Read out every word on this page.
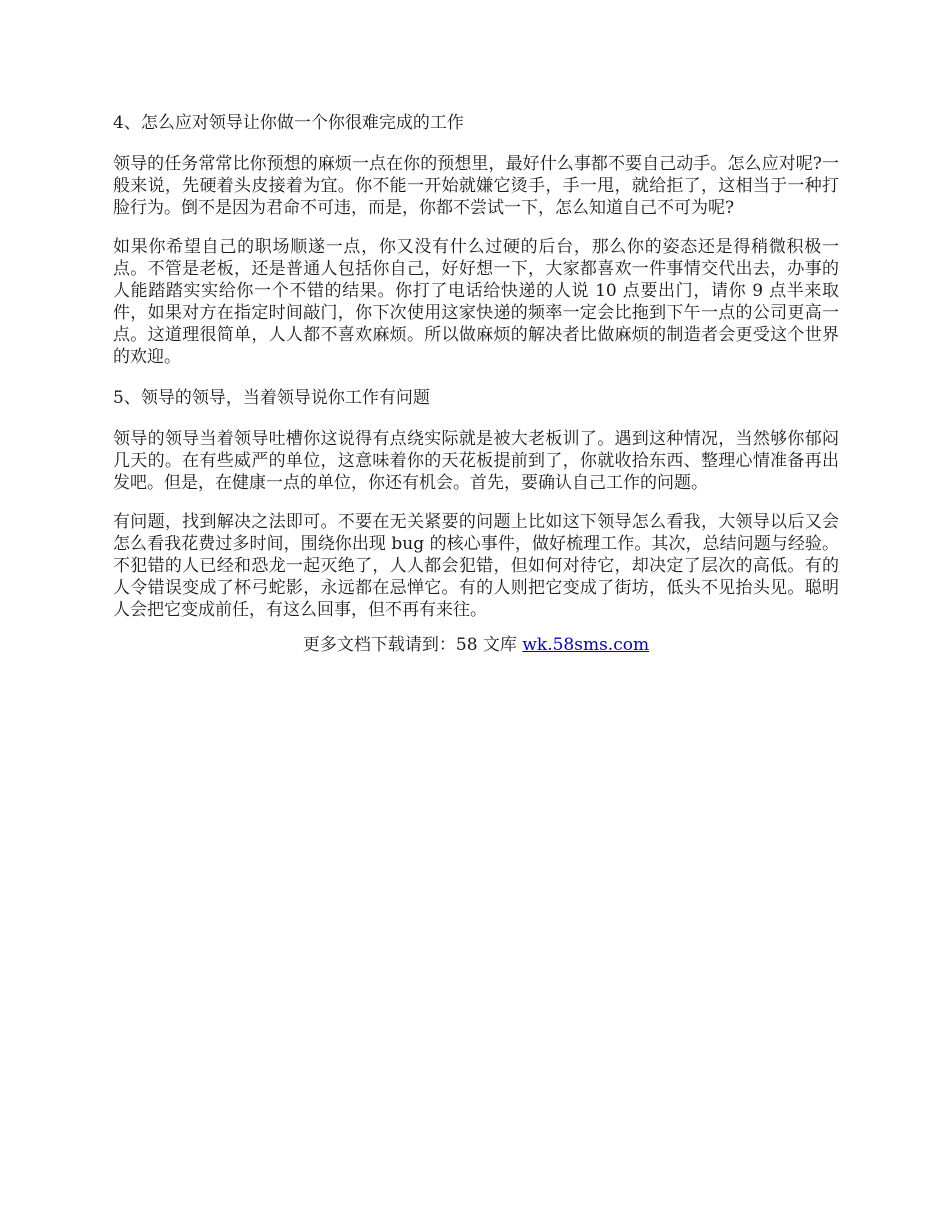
4、怎么应对领导让你做一个你很难完成的工作

领导的任务常常比你预想的麻烦一点在你的预想里，最好什么事都不要自己动手。怎么应对呢?一般来说，先硬着头皮接着为宜。你不能一开始就嫌它烫手，手一甩，就给拒了，这相当于一种打脸行为。倒不是因为君命不可违，而是，你都不尝试一下，怎么知道自己不可为呢?

如果你希望自己的职场顺遂一点，你又没有什么过硬的后台，那么你的姿态还是得稍微积极一点。不管是老板，还是普通人包括你自己，好好想一下，大家都喜欢一件事情交代出去，办事的人能踏踏实实给你一个不错的结果。你打了电话给快递的人说 10 点要出门，请你 9 点半来取件，如果对方在指定时间敲门，你下次使用这家快递的频率一定会比拖到下午一点的公司更高一点。这道理很简单，人人都不喜欢麻烦。所以做麻烦的解决者比做麻烦的制造者会更受这个世界的欢迎。

5、领导的领导，当着领导说你工作有问题

领导的领导当着领导吐槽你这说得有点绕实际就是被大老板训了。遇到这种情况，当然够你郁闷几天的。在有些威严的单位，这意味着你的天花板提前到了，你就收拾东西、整理心情准备再出发吧。但是，在健康一点的单位，你还有机会。首先，要确认自己工作的问题。

有问题，找到解决之法即可。不要在无关紧要的问题上比如这下领导怎么看我，大领导以后又会怎么看我花费过多时间，围绕你出现 bug 的核心事件，做好梳理工作。其次，总结问题与经验。不犯错的人已经和恐龙一起灭绝了，人人都会犯错，但如何对待它，却决定了层次的高低。有的人令错误变成了杯弓蛇影，永远都在忌惮它。有的人则把它变成了街坊，低头不见抬头见。聪明人会把它变成前任，有这么回事，但不再有来往。

更多文档下载请到：58 文库 wk.58sms.com
